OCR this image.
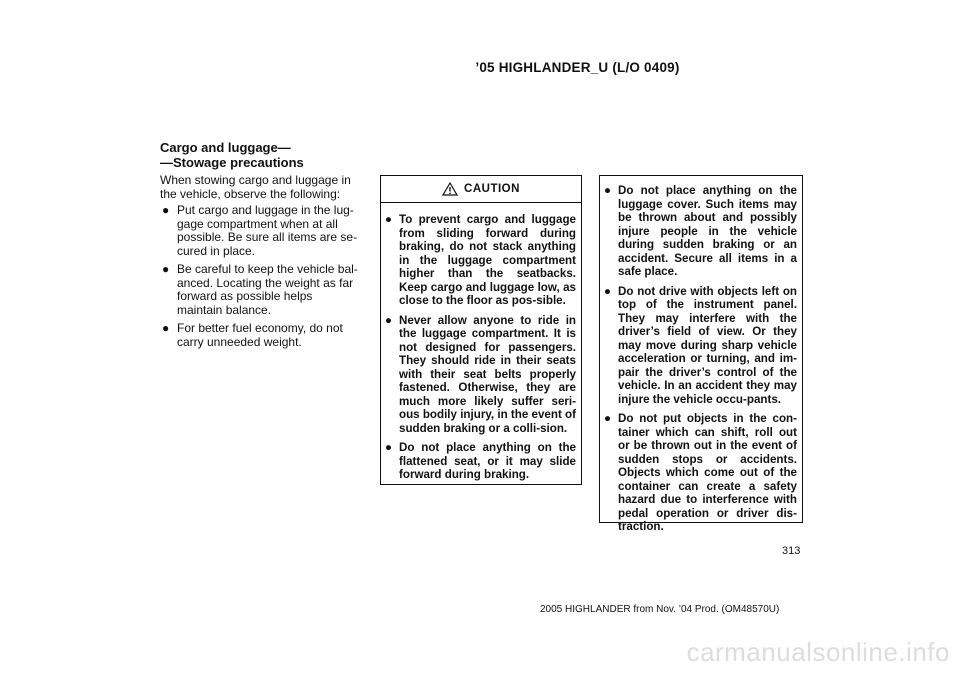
’05 HIGHLANDER_U (L/O 0409)
Cargo and luggage—
—Stowage precautions

When stowing cargo and luggage in the vehicle, observe the following:

● Put cargo and luggage in the lug-gage compartment when at all possible. Be sure all items are se-cured in place.
● Be careful to keep the vehicle bal-anced. Locating the weight as far forward as possible helps maintain balance.
● For better fuel economy, do not carry unneeded weight.
CAUTION
● To prevent cargo and luggage from sliding forward during braking, do not stack anything in the luggage compartment higher than the seatbacks. Keep cargo and luggage low, as close to the floor as pos-sible.
● Never allow anyone to ride in the luggage compartment. It is not designed for passengers. They should ride in their seats with their seat belts properly fastened. Otherwise, they are much more likely suffer seri-ous bodily injury, in the event of sudden braking or a colli-sion.
● Do not place anything on the flattened seat, or it may slide forward during braking.
● Do not place anything on the luggage cover. Such items may be thrown about and possibly injure people in the vehicle during sudden braking or an accident. Secure all items in a safe place.
● Do not drive with objects left on top of the instrument panel. They may interfere with the driver’s field of view. Or they may move during sharp vehicle acceleration or turning, and im-pair the driver’s control of the vehicle. In an accident they may injure the vehicle occu-pants.
● Do not put objects in the con-tainer which can shift, roll out or be thrown out in the event of sudden stops or accidents. Objects which come out of the container can create a safety hazard due to interference with pedal operation or driver dis-traction.
313
2005 HIGHLANDER from Nov. ’04 Prod. (OM48570U)
carmanualsonline.info
